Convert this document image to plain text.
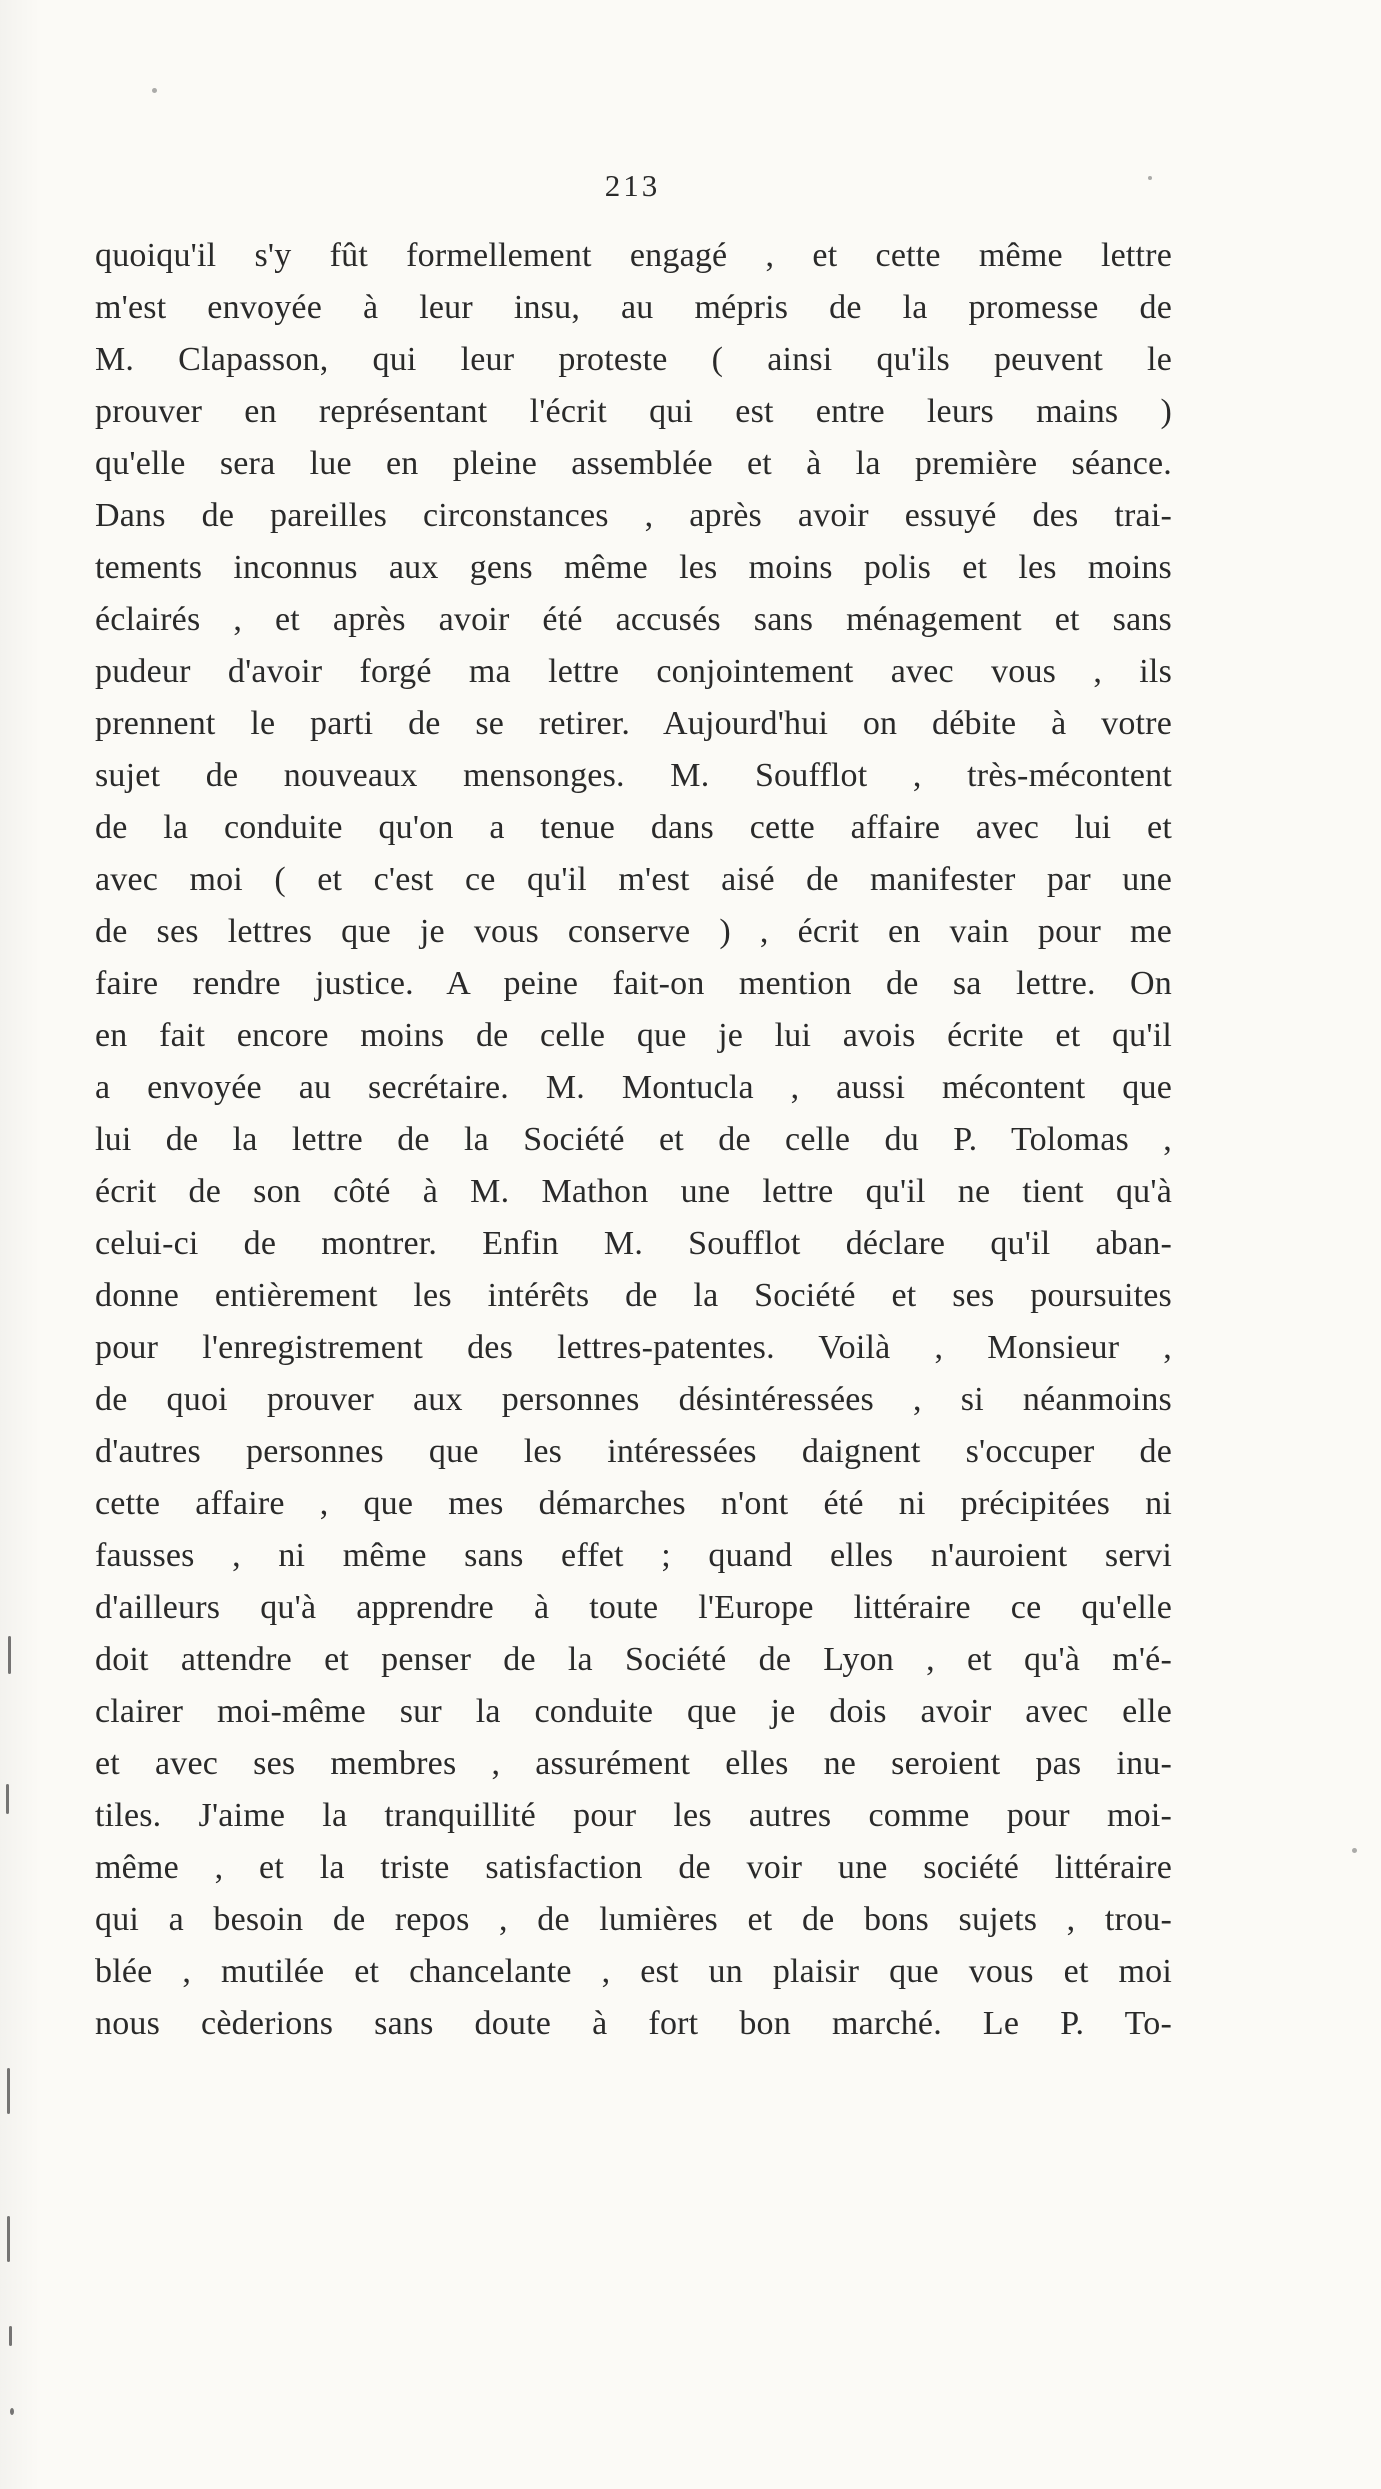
213
quoiqu'il s'y fût formellement engagé , et cette même lettre
m'est envoyée à leur insu, au mépris de la promesse de
M. Clapasson, qui leur proteste ( ainsi qu'ils peuvent le
prouver en représentant l'écrit qui est entre leurs mains )
qu'elle sera lue en pleine assemblée et à la première séance.
Dans de pareilles circonstances , après avoir essuyé des trai-
tements inconnus aux gens même les moins polis et les moins
éclairés , et après avoir été accusés sans ménagement et sans
pudeur d'avoir forgé ma lettre conjointement avec vous , ils
prennent le parti de se retirer. Aujourd'hui on débite à votre
sujet de nouveaux mensonges. M. Soufflot , très-mécontent
de la conduite qu'on a tenue dans cette affaire avec lui et
avec moi ( et c'est ce qu'il m'est aisé de manifester par une
de ses lettres que je vous conserve ) , écrit en vain pour me
faire rendre justice. A peine fait-on mention de sa lettre. On
en fait encore moins de celle que je lui avois écrite et qu'il
a envoyée au secrétaire. M. Montucla , aussi mécontent que
lui de la lettre de la Société et de celle du P. Tolomas ,
écrit de son côté à M. Mathon une lettre qu'il ne tient qu'à
celui-ci de montrer. Enfin M. Soufflot déclare qu'il aban-
donne entièrement les intérêts de la Société et ses poursuites
pour l'enregistrement des lettres-patentes. Voilà , Monsieur ,
de quoi prouver aux personnes désintéressées , si néanmoins
d'autres personnes que les intéressées daignent s'occuper de
cette affaire , que mes démarches n'ont été ni précipitées ni
fausses , ni même sans effet ; quand elles n'auroient servi
d'ailleurs qu'à apprendre à toute l'Europe littéraire ce qu'elle
doit attendre et penser de la Société de Lyon , et qu'à m'é-
clairer moi-même sur la conduite que je dois avoir avec elle
et avec ses membres , assurément elles ne seroient pas inu-
tiles. J'aime la tranquillité pour les autres comme pour moi-
même , et la triste satisfaction de voir une société littéraire
qui a besoin de repos , de lumières et de bons sujets , trou-
blée , mutilée et chancelante , est un plaisir que vous et moi
nous cèderions sans doute à fort bon marché. Le P. To-
